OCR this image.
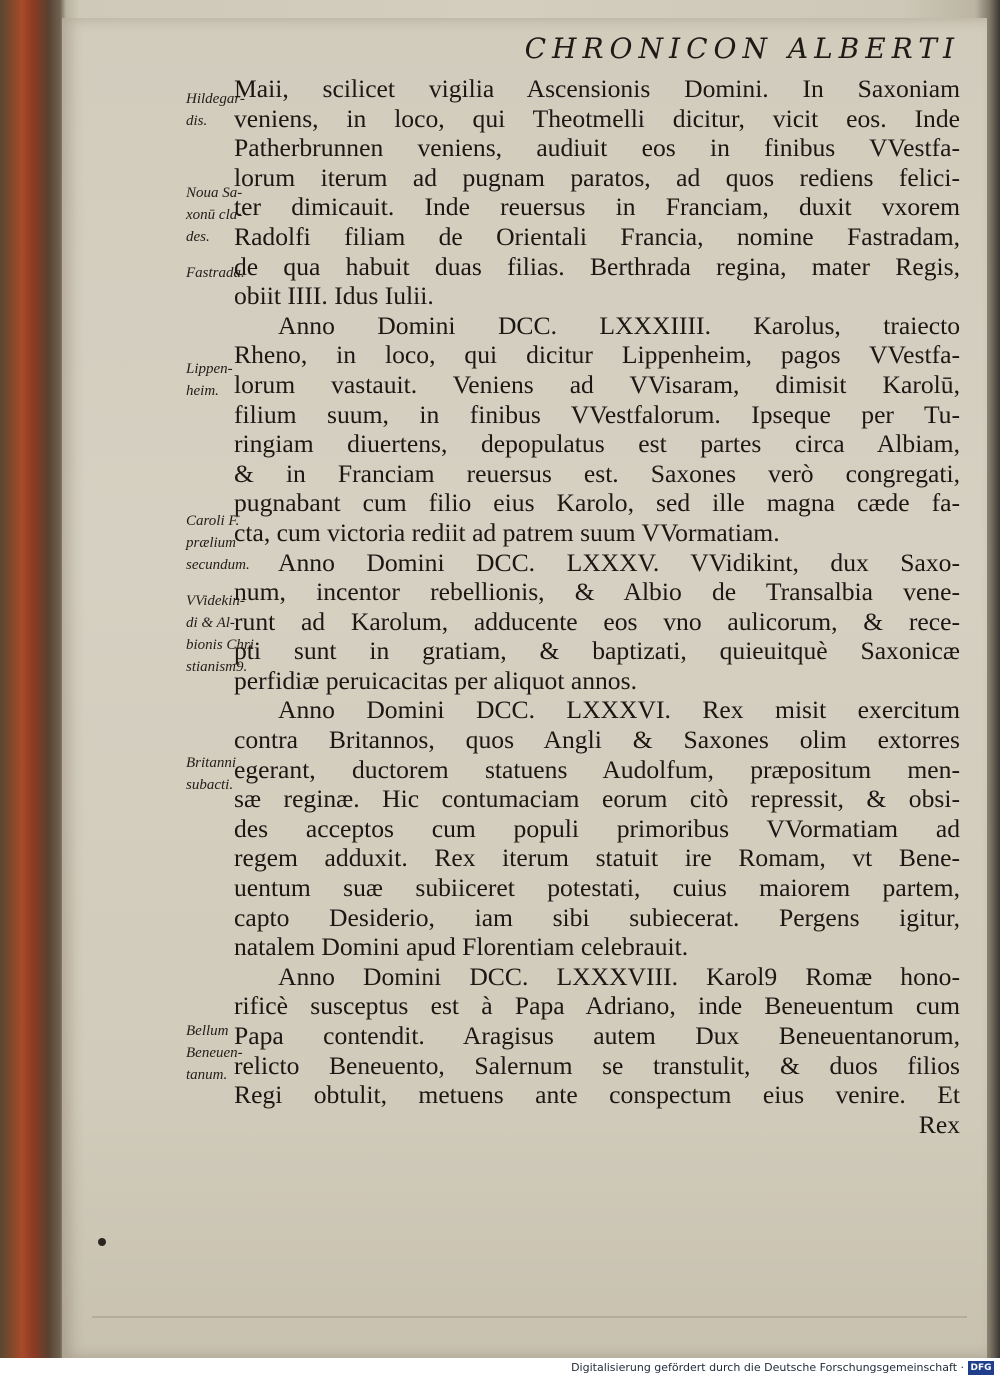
CHRONICON ALBERTI
Hildegar-
dis.
Noua Sa-
xonū cla-
des.
Fastrada.
Lippen-
heim.
Caroli F.
prælium
secundum.
VVidekin-
di & Al-
bionis Chri
stianism9.
Britanni
subacti.
Bellum
Beneuen-
tanum.

Maii, scilicet vigilia Ascensionis Domini. In Saxoniam

veniens, in loco, qui Theotmelli dicitur, vicit eos. Inde

Patherbrunnen veniens, audiuit eos in finibus VVestfa-

lorum iterum ad pugnam paratos, ad quos rediens felici-

ter dimicauit. Inde reuersus in Franciam, duxit vxorem

Radolfi filiam de Orientali Francia, nomine Fastradam,

de qua habuit duas filias. Berthrada regina, mater Regis,

obiit IIII. Idus Iulii.

Anno Domini DCC. LXXXIIII. Karolus, traiecto

Rheno, in loco, qui dicitur Lippenheim, pagos VVestfa-

lorum vastauit. Veniens ad VVisaram, dimisit Karolū,

filium suum, in finibus VVestfalorum. Ipseque per Tu-

ringiam diuertens, depopulatus est partes circa Albiam,

& in Franciam reuersus est. Saxones verò congregati,

pugnabant cum filio eius Karolo, sed ille magna cæde fa-

cta, cum victoria rediit ad patrem suum VVormatiam.

Anno Domini DCC. LXXXV. VVidikint, dux Saxo-

num, incentor rebellionis, & Albio de Transalbia vene-

runt ad Karolum, adducente eos vno aulicorum, & rece-

pti sunt in gratiam, & baptizati, quieuitquè Saxonicæ

perfidiæ peruicacitas per aliquot annos.

Anno Domini DCC. LXXXVI. Rex misit exercitum

contra Britannos, quos Angli & Saxones olim extorres

egerant, ductorem statuens Audolfum, præpositum men-

sæ reginæ. Hic contumaciam eorum citò repressit, & obsi-

des acceptos cum populi primoribus VVormatiam ad

regem adduxit. Rex iterum statuit ire Romam, vt Bene-

uentum suæ subiiceret potestati, cuius maiorem partem,

capto Desiderio, iam sibi subiecerat. Pergens igitur,

natalem Domini apud Florentiam celebrauit.

Anno Domini DCC. LXXXVIII. Karol9 Romæ hono-

rificè susceptus est à Papa Adriano, inde Beneuentum cum

Papa contendit. Aragisus autem Dux Beneuentanorum,

relicto Beneuento, Salernum se transtulit, & duos filios

Regi obtulit, metuens ante conspectum eius venire. Et

Rex

Digitalisierung gefördert durch die Deutsche Forschungsgemeinschaft · DFG
